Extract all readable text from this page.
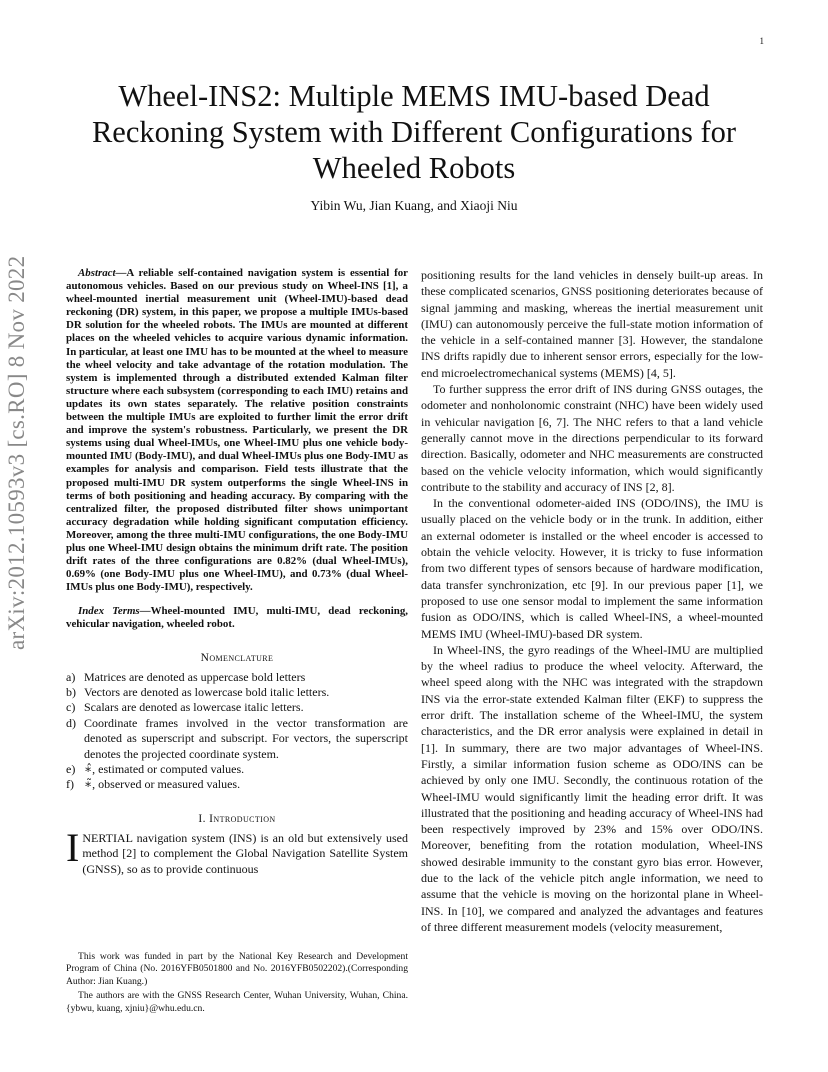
1
arXiv:2012.10593v3 [cs.RO] 8 Nov 2022
Wheel-INS2: Multiple MEMS IMU-based Dead Reckoning System with Different Configurations for Wheeled Robots
Yibin Wu, Jian Kuang, and Xiaoji Niu

Abstract—A reliable self-contained navigation system is essential for autonomous vehicles. Based on our previous study on Wheel-INS [1], a wheel-mounted inertial measurement unit (Wheel-IMU)-based dead reckoning (DR) system, in this paper, we propose a multiple IMUs-based DR solution for the wheeled robots. The IMUs are mounted at different places on the wheeled vehicles to acquire various dynamic information. In particular, at least one IMU has to be mounted at the wheel to measure the wheel velocity and take advantage of the rotation modulation. The system is implemented through a distributed extended Kalman filter structure where each subsystem (corresponding to each IMU) retains and updates its own states separately. The relative position constraints between the multiple IMUs are exploited to further limit the error drift and improve the system's robustness. Particularly, we present the DR systems using dual Wheel-IMUs, one Wheel-IMU plus one vehicle body-mounted IMU (Body-IMU), and dual Wheel-IMUs plus one Body-IMU as examples for analysis and comparison. Field tests illustrate that the proposed multi-IMU DR system outperforms the single Wheel-INS in terms of both positioning and heading accuracy. By comparing with the centralized filter, the proposed distributed filter shows unimportant accuracy degradation while holding significant computation efficiency. Moreover, among the three multi-IMU configurations, the one Body-IMU plus one Wheel-IMU design obtains the minimum drift rate. The position drift rates of the three configurations are 0.82% (dual Wheel-IMUs), 0.69% (one Body-IMU plus one Wheel-IMU), and 0.73% (dual Wheel-IMUs plus one Body-IMU), respectively.

Index Terms—Wheel-mounted IMU, multi-IMU, dead reckoning, vehicular navigation, wheeled robot.

Nomenclature
a) Matrices are denoted as uppercase bold letters
b) Vectors are denoted as lowercase bold italic letters.
c) Scalars are denoted as lowercase italic letters.
d) Coordinate frames involved in the vector transformation are denoted as superscript and subscript. For vectors, the superscript denotes the projected coordinate system.
e) ∗̂, estimated or computed values.
f) ∗̃, observed or measured values.
I. Introduction

INERTIAL navigation system (INS) is an old but extensively used method [2] to complement the Global Navigation Satellite System (GNSS), so as to provide continuous

This work was funded in part by the National Key Research and Development Program of China (No. 2016YFB0501800 and No. 2016YFB0502202).(Corresponding Author: Jian Kuang.)

The authors are with the GNSS Research Center, Wuhan University, Wuhan, China. {ybwu, kuang, xjniu}@whu.edu.cn.

positioning results for the land vehicles in densely built-up areas. In these complicated scenarios, GNSS positioning deteriorates because of signal jamming and masking, whereas the inertial measurement unit (IMU) can autonomously perceive the full-state motion information of the vehicle in a self-contained manner [3]. However, the standalone INS drifts rapidly due to inherent sensor errors, especially for the low-end microelectromechanical systems (MEMS) [4, 5].

To further suppress the error drift of INS during GNSS outages, the odometer and nonholonomic constraint (NHC) have been widely used in vehicular navigation [6, 7]. The NHC refers to that a land vehicle generally cannot move in the directions perpendicular to its forward direction. Basically, odometer and NHC measurements are constructed based on the vehicle velocity information, which would significantly contribute to the stability and accuracy of INS [2, 8].

In the conventional odometer-aided INS (ODO/INS), the IMU is usually placed on the vehicle body or in the trunk. In addition, either an external odometer is installed or the wheel encoder is accessed to obtain the vehicle velocity. However, it is tricky to fuse information from two different types of sensors because of hardware modification, data transfer synchronization, etc [9]. In our previous paper [1], we proposed to use one sensor modal to implement the same information fusion as ODO/INS, which is called Wheel-INS, a wheel-mounted MEMS IMU (Wheel-IMU)-based DR system.

In Wheel-INS, the gyro readings of the Wheel-IMU are multiplied by the wheel radius to produce the wheel velocity. Afterward, the wheel speed along with the NHC was integrated with the strapdown INS via the error-state extended Kalman filter (EKF) to suppress the error drift. The installation scheme of the Wheel-IMU, the system characteristics, and the DR error analysis were explained in detail in [1]. In summary, there are two major advantages of Wheel-INS. Firstly, a similar information fusion scheme as ODO/INS can be achieved by only one IMU. Secondly, the continuous rotation of the Wheel-IMU would significantly limit the heading error drift. It was illustrated that the positioning and heading accuracy of Wheel-INS had been respectively improved by 23% and 15% over ODO/INS. Moreover, benefiting from the rotation modulation, Wheel-INS showed desirable immunity to the constant gyro bias error. However, due to the lack of the vehicle pitch angle information, we need to assume that the vehicle is moving on the horizontal plane in Wheel-INS. In [10], we compared and analyzed the advantages and features of three different measurement models (velocity measurement,
